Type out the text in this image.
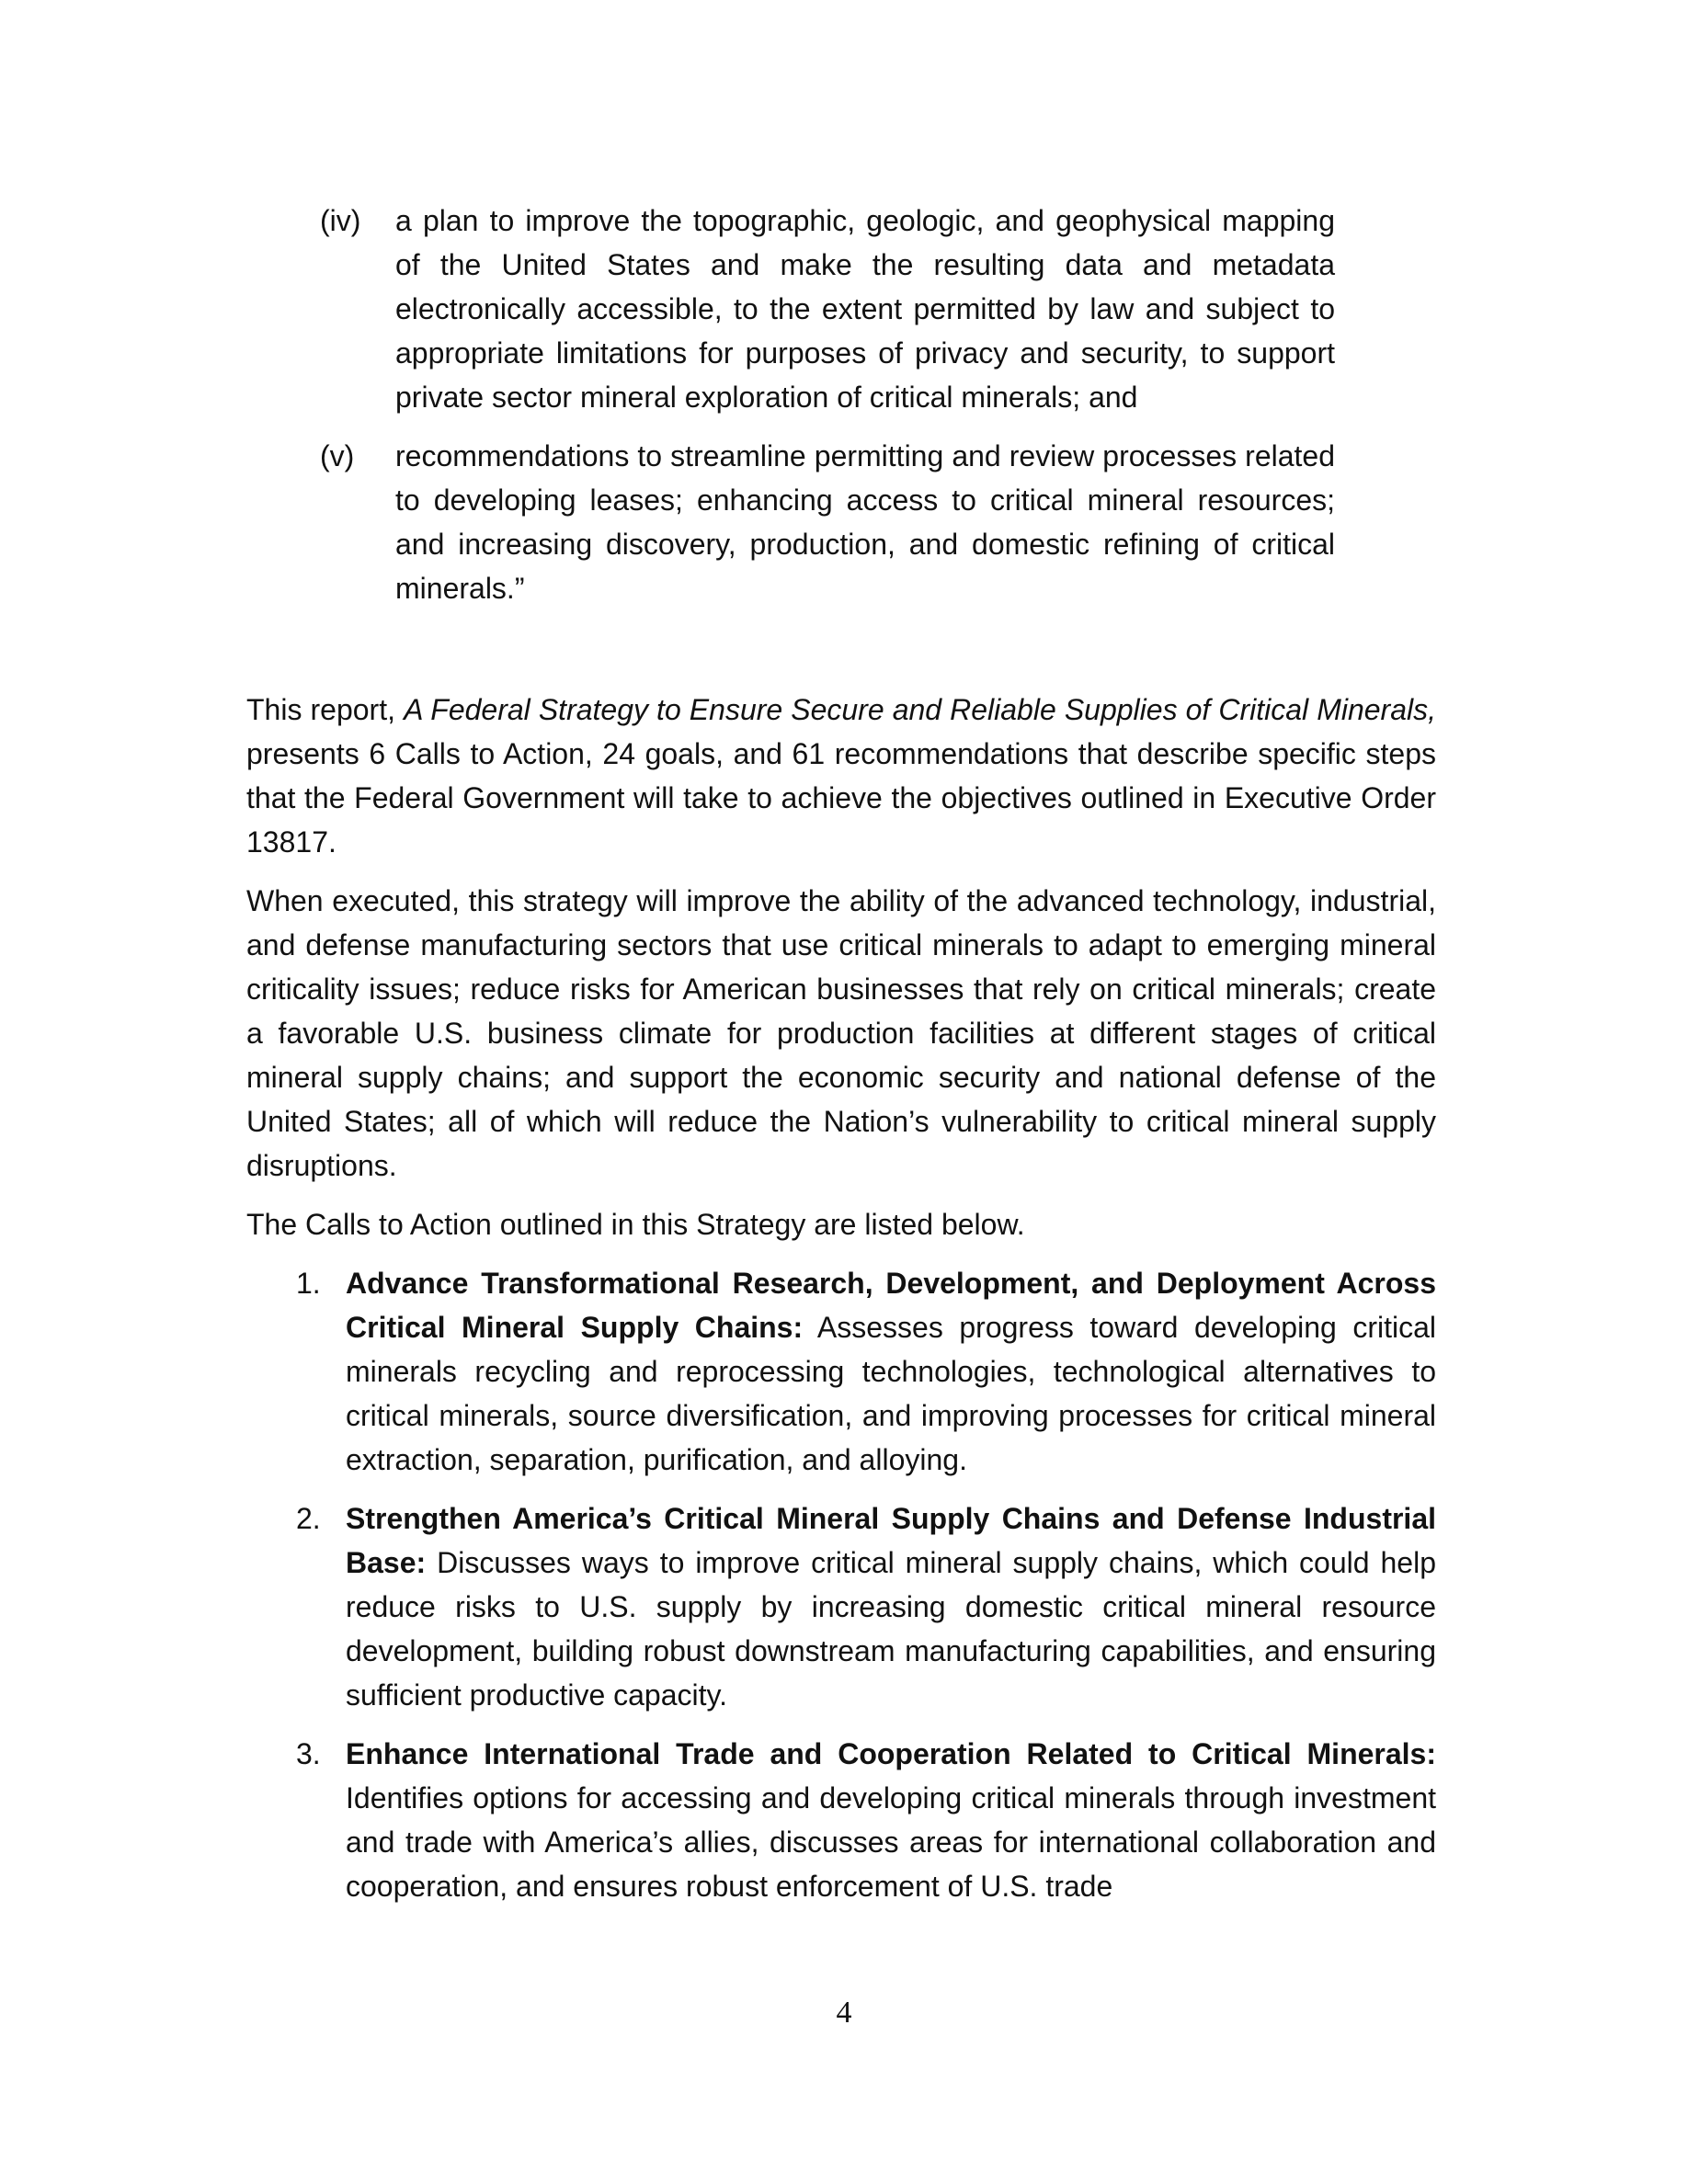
(iv)	a plan to improve the topographic, geologic, and geophysical mapping of the United States and make the resulting data and metadata electronically accessible, to the extent permitted by law and subject to appropriate limitations for purposes of privacy and security, to support private sector mineral exploration of critical minerals; and
(v)	recommendations to streamline permitting and review processes related to developing leases; enhancing access to critical mineral resources; and increasing discovery, production, and domestic refining of critical minerals.”

This report, A Federal Strategy to Ensure Secure and Reliable Supplies of Critical Minerals, presents 6 Calls to Action, 24 goals, and 61 recommendations that describe specific steps that the Federal Government will take to achieve the objectives outlined in Executive Order 13817.

When executed, this strategy will improve the ability of the advanced technology, industrial, and defense manufacturing sectors that use critical minerals to adapt to emerging mineral criticality issues; reduce risks for American businesses that rely on critical minerals; create a favorable U.S. business climate for production facilities at different stages of critical mineral supply chains; and support the economic security and national defense of the United States; all of which will reduce the Nation’s vulnerability to critical mineral supply disruptions.

The Calls to Action outlined in this Strategy are listed below.

1. Advance Transformational Research, Development, and Deployment Across Critical Mineral Supply Chains: Assesses progress toward developing critical minerals recycling and reprocessing technologies, technological alternatives to critical minerals, source diversification, and improving processes for critical mineral extraction, separation, purification, and alloying.
2. Strengthen America’s Critical Mineral Supply Chains and Defense Industrial Base: Discusses ways to improve critical mineral supply chains, which could help reduce risks to U.S. supply by increasing domestic critical mineral resource development, building robust downstream manufacturing capabilities, and ensuring sufficient productive capacity.
3. Enhance International Trade and Cooperation Related to Critical Minerals: Identifies options for accessing and developing critical minerals through investment and trade with America’s allies, discusses areas for international collaboration and cooperation, and ensures robust enforcement of U.S. trade
4
